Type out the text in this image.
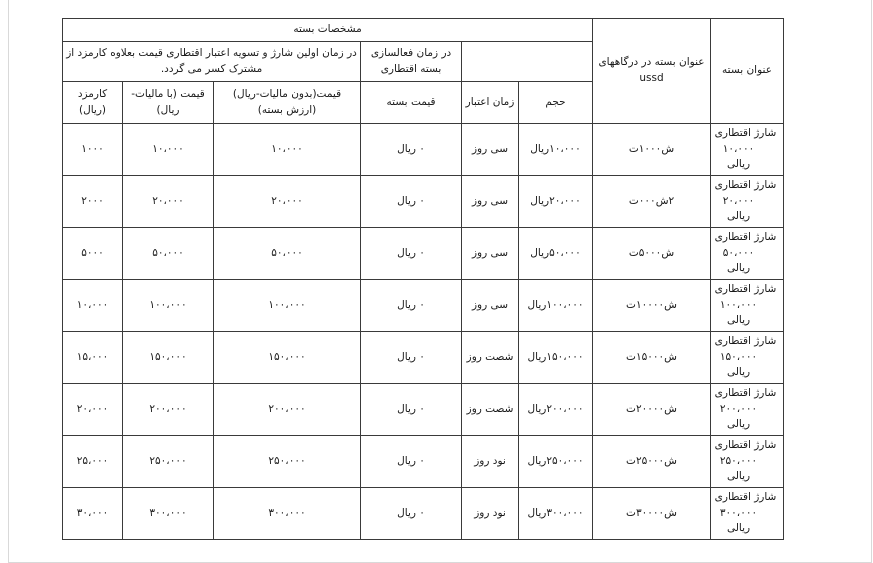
عنوان بسته	عنوان بسته در درگاههای ussd	مشخصات بسته					
				در زمان فعالسازی بسته اقتطاری	در زمان اولین شارژ و تسویه اعتبار اقتطاری قیمت بعلاوه کارمزد از مشترک کسر می گردد.		
		حجم	زمان اعتبار	قیمت بسته	قیمت(بدون مالیات-ریال)
(ارزش بسته)	قیمت (با مالیات-ریال)	کارمزد (ریال)

شارژ اقتطاری
۱۰،۰۰۰ ریالی	ش۱۰۰۰ت	۱۰،۰۰۰ریال	سی روز	۰ ریال	۱۰،۰۰۰	۱۰،۰۰۰	۱۰۰۰

شارژ اقتطاری
۲۰،۰۰۰ ریالی	۲ش۰۰۰ت	۲۰،۰۰۰ریال	سی روز	۰ ریال	۲۰،۰۰۰	۲۰،۰۰۰	۲۰۰۰

شارژ اقتطاری
۵۰،۰۰۰ ریالی	ش۵۰۰۰ت	۵۰،۰۰۰ریال	سی روز	۰ ریال	۵۰،۰۰۰	۵۰،۰۰۰	۵۰۰۰

شارژ اقتطاری
۱۰۰،۰۰۰ ریالی	ش۱۰۰۰۰ت	۱۰۰،۰۰۰ریال	سی روز	۰ ریال	۱۰۰،۰۰۰	۱۰۰،۰۰۰	۱۰،۰۰۰

شارژ اقتطاری
۱۵۰،۰۰۰ ریالی	ش۱۵۰۰۰ت	۱۵۰،۰۰۰ریال	شصت روز	۰ ریال	۱۵۰،۰۰۰	۱۵۰،۰۰۰	۱۵،۰۰۰

شارژ اقتطاری
۲۰۰،۰۰۰ ریالی	ش۲۰۰۰۰ت	۲۰۰،۰۰۰ریال	شصت روز	۰ ریال	۲۰۰،۰۰۰	۲۰۰،۰۰۰	۲۰،۰۰۰

شارژ اقتطاری
۲۵۰،۰۰۰ ریالی	ش۲۵۰۰۰ت	۲۵۰،۰۰۰ریال	نود روز	۰ ریال	۲۵۰،۰۰۰	۲۵۰،۰۰۰	۲۵،۰۰۰

شارژ اقتطاری
۳۰۰،۰۰۰ ریالی	ش۳۰۰۰۰ت	۳۰۰،۰۰۰ریال	نود روز	۰ ریال	۳۰۰،۰۰۰	۳۰۰،۰۰۰	۳۰،۰۰۰
